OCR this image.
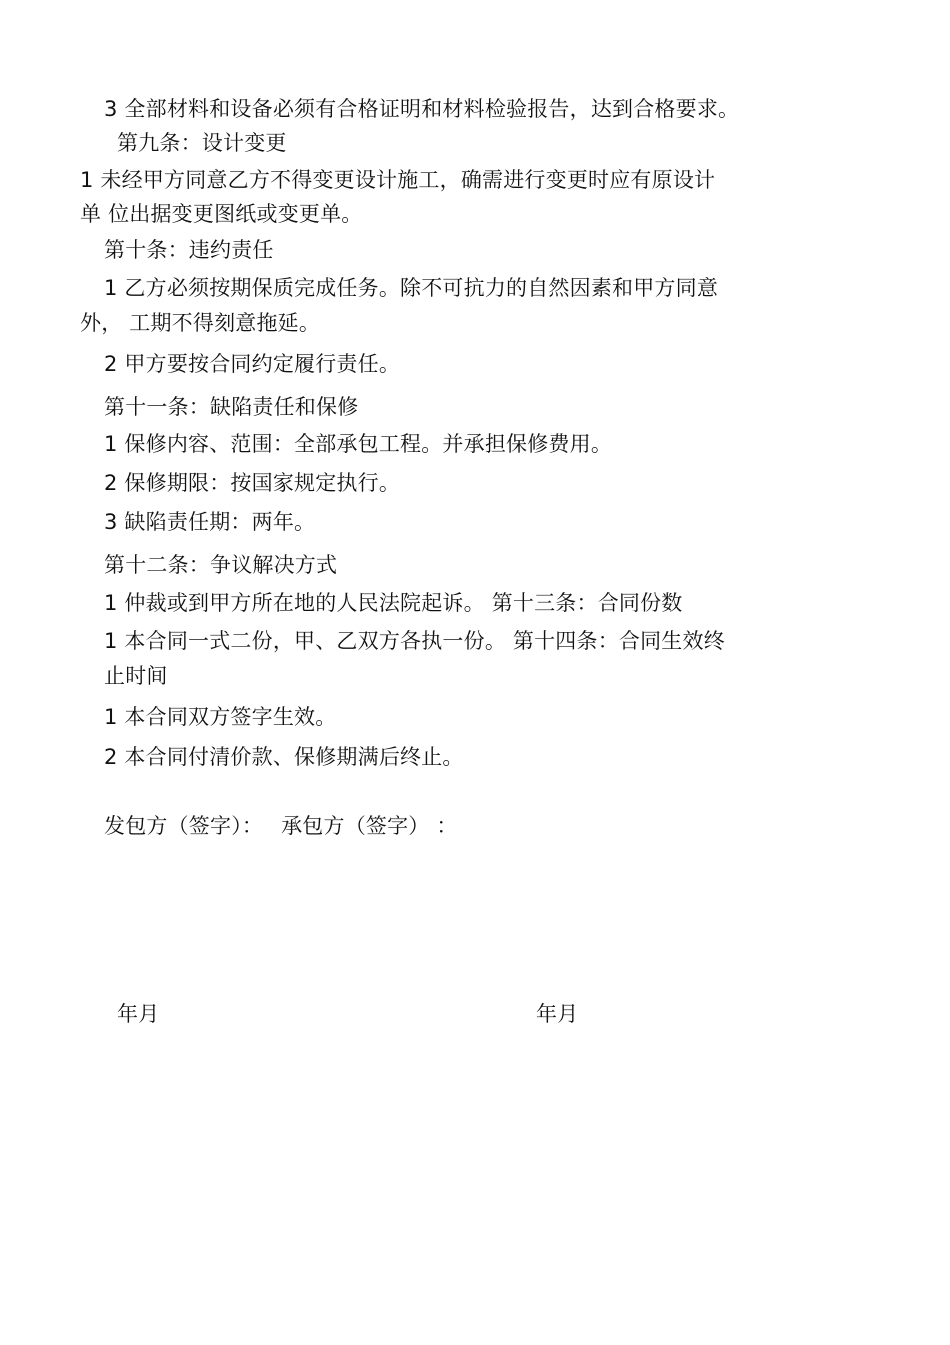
3 全部材料和设备必须有合格证明和材料检验报告，达到合格要求。
第九条：设计变更
1 未经甲方同意乙方不得变更设计施工，确需进行变更时应有原设计
单 位出据变更图纸或变更单。
第十条：违约责任
1 乙方必须按期保质完成任务。除不可抗力的自然因素和甲方同意
外， 工期不得刻意拖延。
2 甲方要按合同约定履行责任。
第十一条：缺陷责任和保修
1 保修内容、范围：全部承包工程。并承担保修费用。
2 保修期限：按国家规定执行。
3 缺陷责任期：两年。
第十二条：争议解决方式
1 仲裁或到甲方所在地的人民法院起诉。 第十三条：合同份数
1 本合同一式二份，甲、乙双方各执一份。 第十四条：合同生效终
止时间
1 本合同双方签字生效。
2 本合同付清价款、保修期满后终止。
发包方（签字）： 承包方（签字） ：
年月	年月
